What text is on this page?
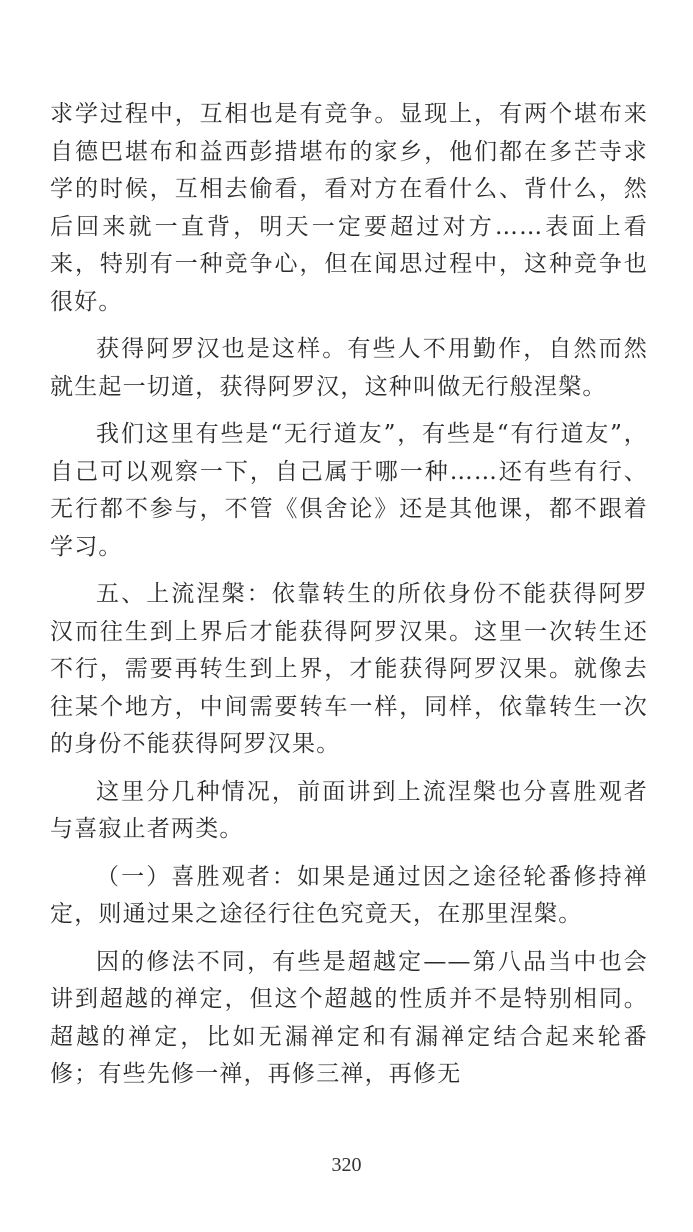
求学过程中，互相也是有竞争。显现上，有两个堪布来自德巴堪布和益西彭措堪布的家乡，他们都在多芒寺求学的时候，互相去偷看，看对方在看什么、背什么，然后回来就一直背，明天一定要超过对方……表面上看来，特别有一种竞争心，但在闻思过程中，这种竞争也很好。

获得阿罗汉也是这样。有些人不用勤作，自然而然就生起一切道，获得阿罗汉，这种叫做无行般涅槃。

我们这里有些是“无行道友”，有些是“有行道友”，自己可以观察一下，自己属于哪一种……还有些有行、无行都不参与，不管《俱舍论》还是其他课，都不跟着学习。

五、上流涅槃：依靠转生的所依身份不能获得阿罗汉而往生到上界后才能获得阿罗汉果。这里一次转生还不行，需要再转生到上界，才能获得阿罗汉果。就像去往某个地方，中间需要转车一样，同样，依靠转生一次的身份不能获得阿罗汉果。

这里分几种情况，前面讲到上流涅槃也分喜胜观者与喜寂止者两类。

（一）喜胜观者：如果是通过因之途径轮番修持禅定，则通过果之途径行往色究竟天，在那里涅槃。

因的修法不同，有些是超越定——第八品当中也会讲到超越的禅定，但这个超越的性质并不是特别相同。超越的禅定，比如无漏禅定和有漏禅定结合起来轮番修；有些先修一禅，再修三禅，再修无

320
